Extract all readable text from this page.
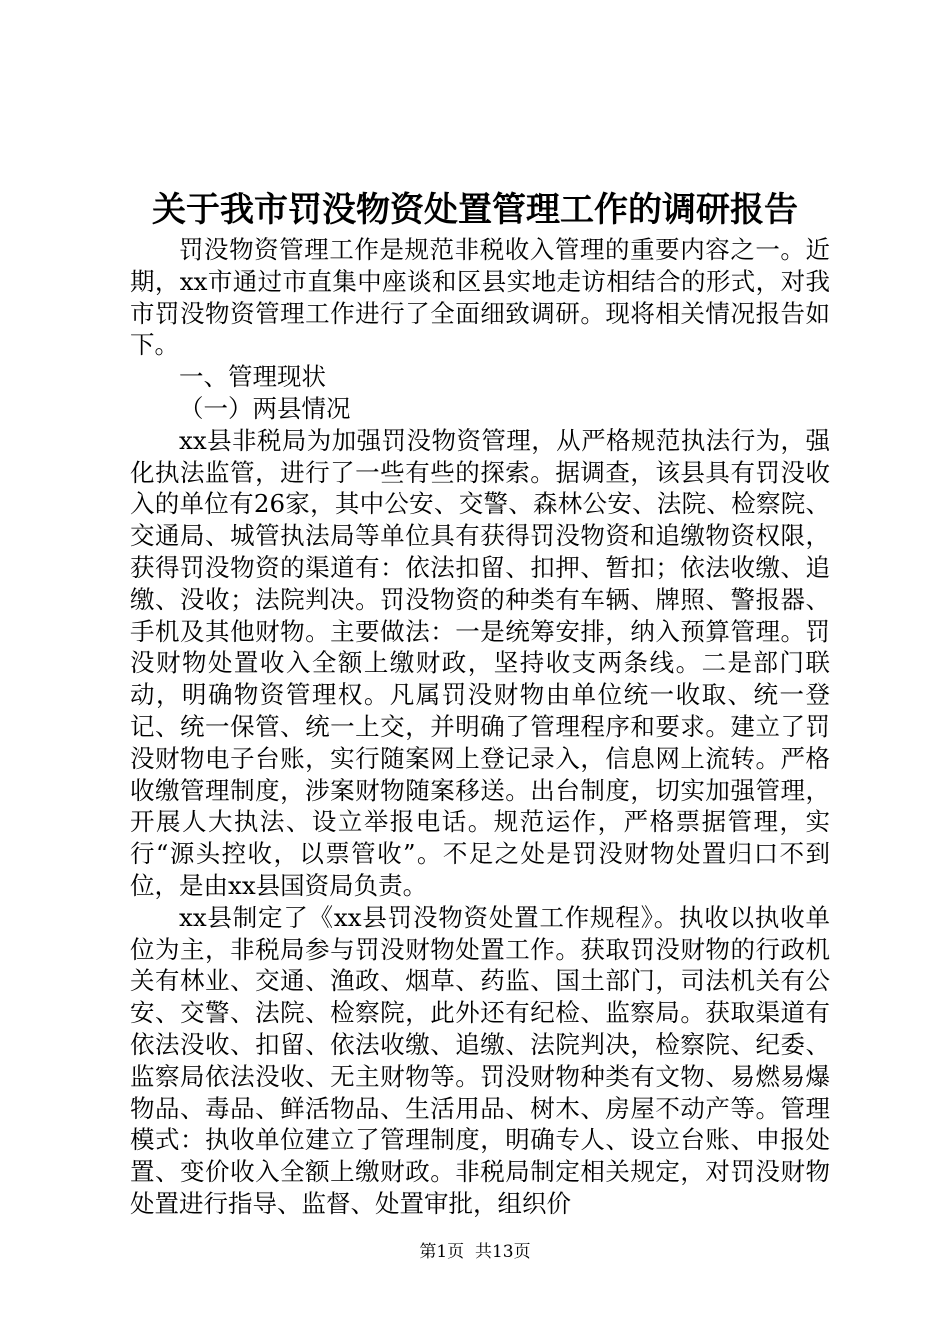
关于我市罚没物资处置管理工作的调研报告

罚没物资管理工作是规范非税收入管理的重要内容之一。近期，xx市通过市直集中座谈和区县实地走访相结合的形式，对我市罚没物资管理工作进行了全面细致调研。现将相关情况报告如下。

一、管理现状

（一）两县情况

xx县非税局为加强罚没物资管理，从严格规范执法行为，强化执法监管，进行了一些有些的探索。据调查，该县具有罚没收入的单位有26家，其中公安、交警、森林公安、法院、检察院、交通局、城管执法局等单位具有获得罚没物资和追缴物资权限，获得罚没物资的渠道有：依法扣留、扣押、暂扣；依法收缴、追缴、没收；法院判决。罚没物资的种类有车辆、牌照、警报器、手机及其他财物。主要做法：一是统筹安排，纳入预算管理。罚没财物处置收入全额上缴财政，坚持收支两条线。二是部门联动，明确物资管理权。凡属罚没财物由单位统一收取、统一登记、统一保管、统一上交，并明确了管理程序和要求。建立了罚没财物电子台账，实行随案网上登记录入，信息网上流转。严格收缴管理制度，涉案财物随案移送。出台制度，切实加强管理，开展人大执法、设立举报电话。规范运作，严格票据管理，实行“源头控收，以票管收”。不足之处是罚没财物处置归口不到位，是由xx县国资局负责。

xx县制定了《xx县罚没物资处置工作规程》。执收以执收单位为主，非税局参与罚没财物处置工作。获取罚没财物的行政机关有林业、交通、渔政、烟草、药监、国土部门，司法机关有公安、交警、法院、检察院，此外还有纪检、监察局。获取渠道有依法没收、扣留、依法收缴、追缴、法院判决，检察院、纪委、监察局依法没收、无主财物等。罚没财物种类有文物、易燃易爆物品、毒品、鲜活物品、生活用品、树木、房屋不动产等。管理模式：执收单位建立了管理制度，明确专人、设立台账、申报处置、变价收入全额上缴财政。非税局制定相关规定，对罚没财物处置进行指导、监督、处置审批，组织价

第1页  共13页
